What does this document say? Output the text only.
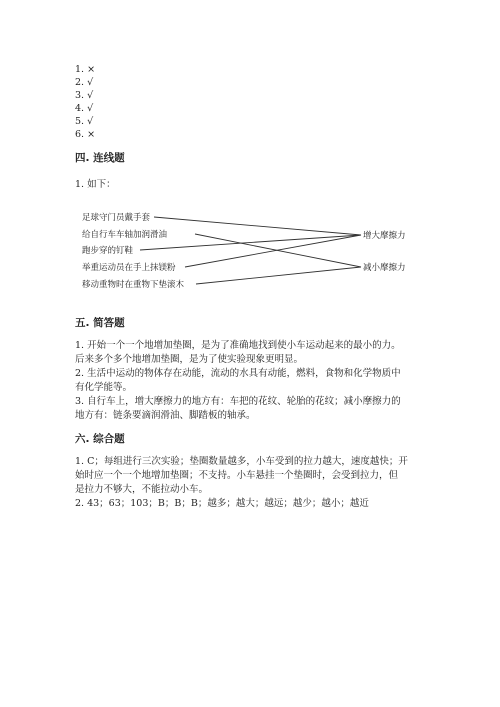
1. ×
2. √
3. √
4. √
5. √
6. ×
四. 连线题
1. 如下：
足球守门员戴手套
给自行车车轴加润滑油
跑步穿的钉鞋
举重运动员在手上抹镁粉
移动重物时在重物下垫滚木
增大摩擦力
减小摩擦力
五. 简答题
1. 开始一个一个地增加垫圈，是为了准确地找到使小车运动起来的最小的力。
后来多个多个地增加垫圈，是为了使实验现象更明显。
2. 生活中运动的物体存在动能，流动的水具有动能，燃料，食物和化学物质中
有化学能等。
3. 自行车上，增大摩擦力的地方有：车把的花纹、轮胎的花纹；减小摩擦力的
地方有：链条要滴润滑油、脚踏板的轴承。
六. 综合题
1. C；每组进行三次实验；垫圈数量越多，小车受到的拉力越大，速度越快；开
始时应一个一个地增加垫圈；不支持。小车悬挂一个垫圈时，会受到拉力，但
是拉力不够大，不能拉动小车。
2. 43；63；103；B；B；B；越多；越大；越远；越少；越小；越近
